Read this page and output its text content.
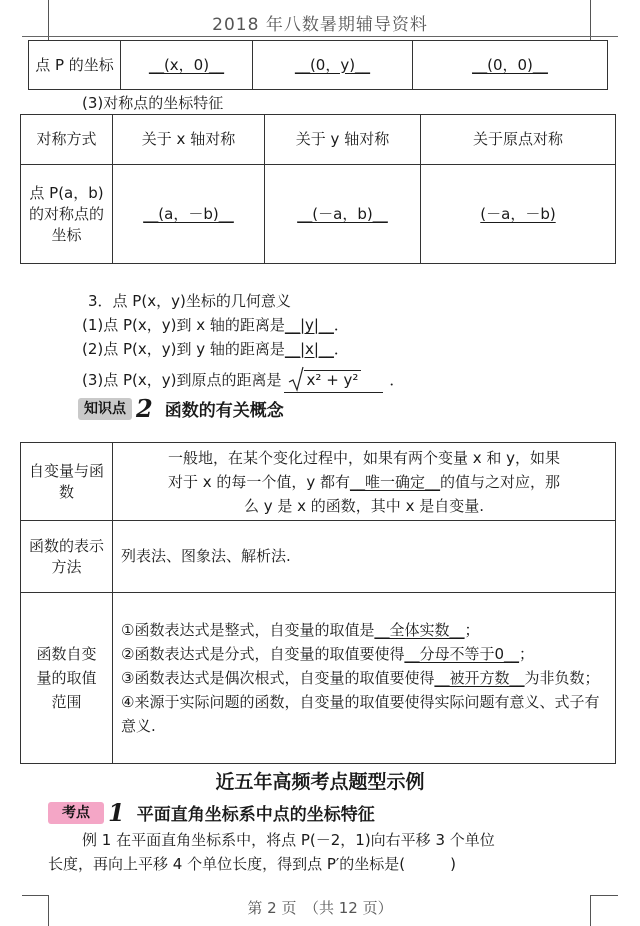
2018 年八数暑期辅导资料
点 P 的坐标	__(x，0)__	__(0，y)__	__(0，0)__
(3)对称点的坐标特征
对称方式	关于 x 轴对称	关于 y 轴对称	关于原点对称
点 P(a，b)的对称点的坐标	__(a，－b)__	__(－a，b)__	(－a，－b)
3．点 P(x，y)坐标的几何意义
(1)点 P(x，y)到 x 轴的距离是__|y|__．
(2)点 P(x，y)到 y 轴的距离是__|x|__．
(3)点 P(x，y)到原点的距离是 x² + y² ．
知识点 2 函数的有关概念
自变量与函数	一般地，在某个变化过程中，如果有两个变量 x 和 y，如果
对于 x 的每一个值，y 都有__唯一确定__的值与之对应，那
么 y 是 x 的函数，其中 x 是自变量.

函数的表示方法	列表法、图象法、解析法.
函数自变量的取值范围	①函数表达式是整式，自变量的取值是__全体实数__；
②函数表达式是分式，自变量的取值要使得__分母不等于0__；
③函数表达式是偶次根式，自变量的取值要使得__被开方数__为非负数；
④来源于实际问题的函数，自变量的取值要使得实际问题有意义、式子有意义.
近五年高频考点题型示例
考点 1 平面直角坐标系中点的坐标特征
例 1 在平面直角坐标系中，将点 P(－2，1)向右平移 3 个单位
长度，再向上平移 4 个单位长度，得到点 P′的坐标是(　　　)
第 2 页　（共 12 页）
